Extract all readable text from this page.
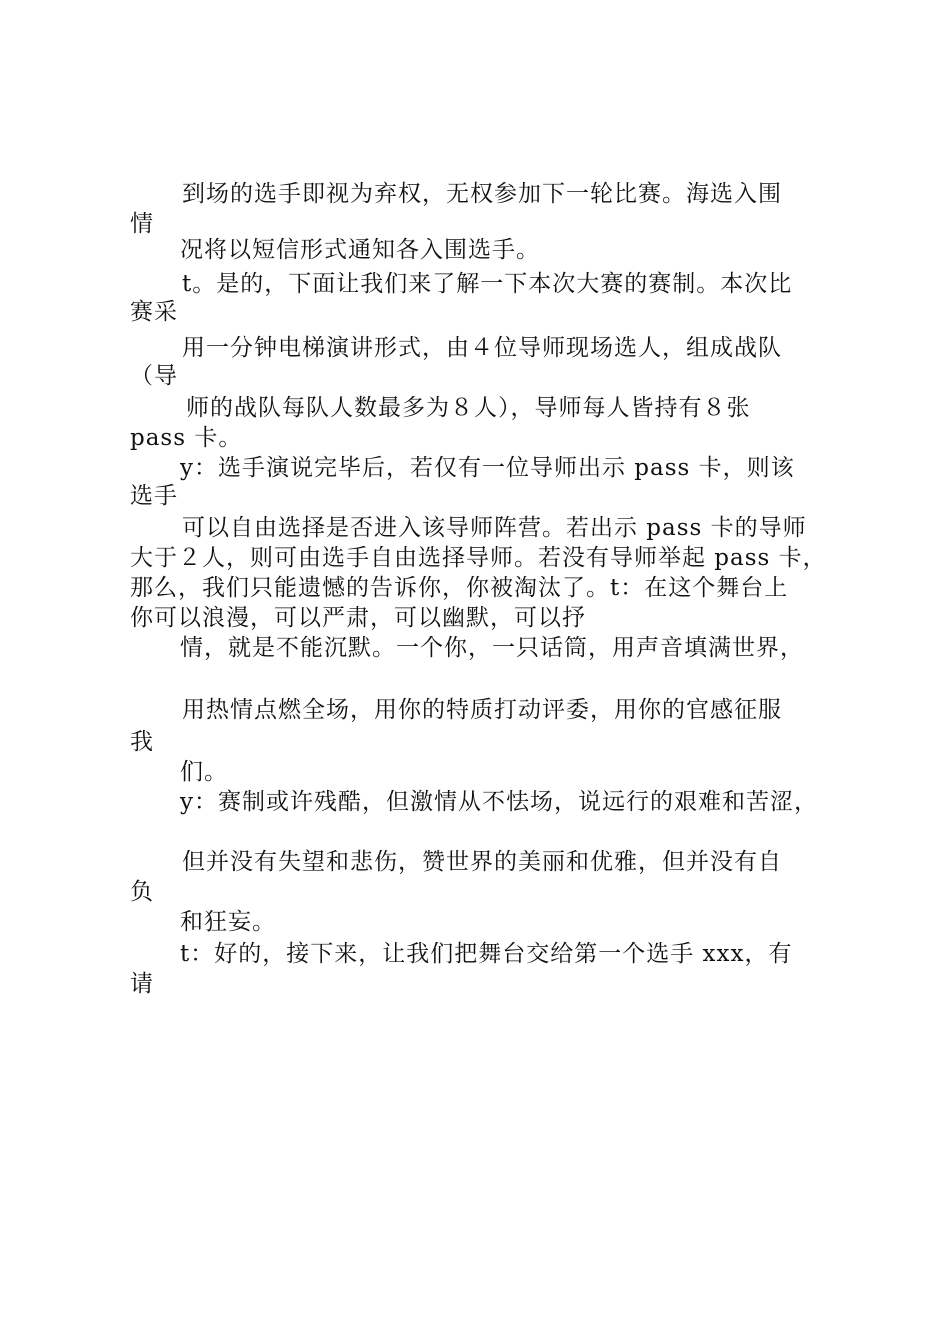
到场的选手即视为弃权，无权参加下一轮比赛。海选入围
情
况将以短信形式通知各入围选手。
t。是的，下面让我们来了解一下本次大赛的赛制。本次比
赛采
用一分钟电梯演讲形式，由４位导师现场选人，组成战队
（导
师的战队每队人数最多为８人），导师每人皆持有８张
pass 卡。
y：选手演说完毕后，若仅有一位导师出示 pass 卡，则该
选手
可以自由选择是否进入该导师阵营。若出示 pass 卡的导师
大于２人，则可由选手自由选择导师。若没有导师举起 pass 卡，
那么，我们只能遗憾的告诉你，你被淘汰了。t：在这个舞台上
你可以浪漫，可以严肃，可以幽默，可以抒
情，就是不能沉默。一个你，一只话筒，用声音填满世界，
用热情点燃全场，用你的特质打动评委，用你的官感征服
我
们。
y：赛制或许残酷，但激情从不怯场，说远行的艰难和苦涩，
但并没有失望和悲伤，赞世界的美丽和优雅，但并没有自
负
和狂妄。
t：好的，接下来，让我们把舞台交给第一个选手 xxx，有
请
